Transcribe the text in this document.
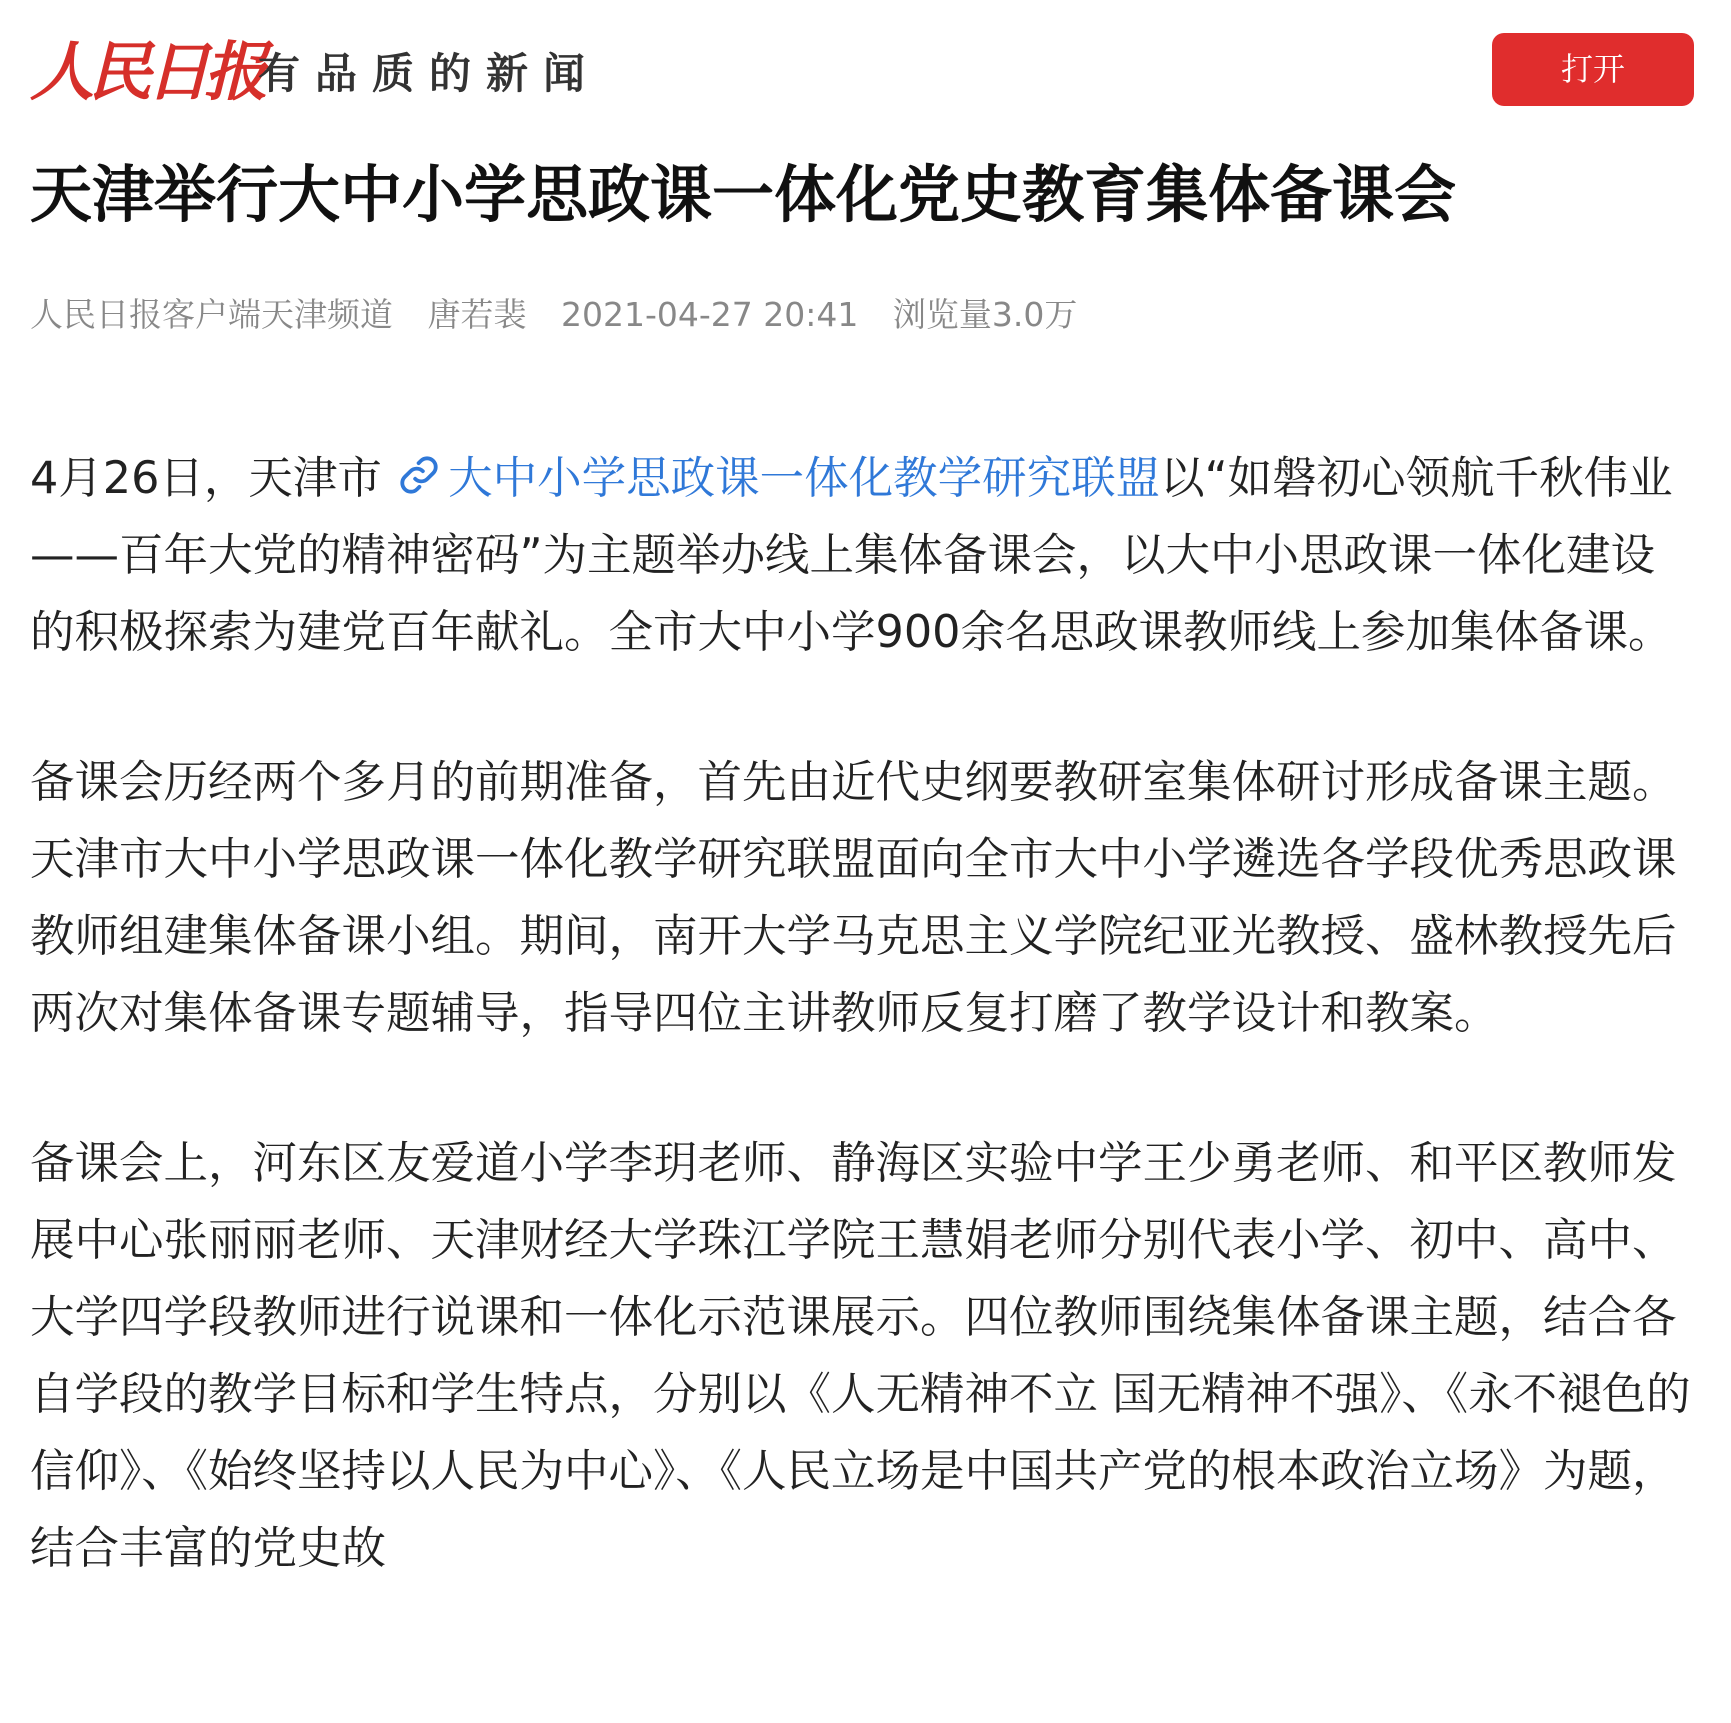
人民日报
有品质的新闻	打开
天津举行大中小学思政课一体化党史教育集体备课会
人民日报客户端天津频道 唐若裴 2021-04-27 20:41 浏览量3.0万

4月26日，天津市 大中小学思政课一体化教学研究联盟以“如磐初心领航千秋伟业——百年大党的精神密码”为主题举办线上集体备课会，以大中小思政课一体化建设的积极探索为建党百年献礼。全市大中小学900余名思政课教师线上参加集体备课。

备课会历经两个多月的前期准备，首先由近代史纲要教研室集体研讨形成备课主题。天津市大中小学思政课一体化教学研究联盟面向全市大中小学遴选各学段优秀思政课教师组建集体备课小组。期间，南开大学马克思主义学院纪亚光教授、盛林教授先后两次对集体备课专题辅导，指导四位主讲教师反复打磨了教学设计和教案。

备课会上，河东区友爱道小学李玥老师、静海区实验中学王少勇老师、和平区教师发展中心张丽丽老师、天津财经大学珠江学院王慧娟老师分别代表小学、初中、高中、大学四学段教师进行说课和一体化示范课展示。四位教师围绕集体备课主题，结合各自学段的教学目标和学生特点，分别以《人无精神不立 国无精神不强》、《永不褪色的信仰》、《始终坚持以人民为中心》、《人民立场是中国共产党的根本政治立场》为题，结合丰富的党史故
